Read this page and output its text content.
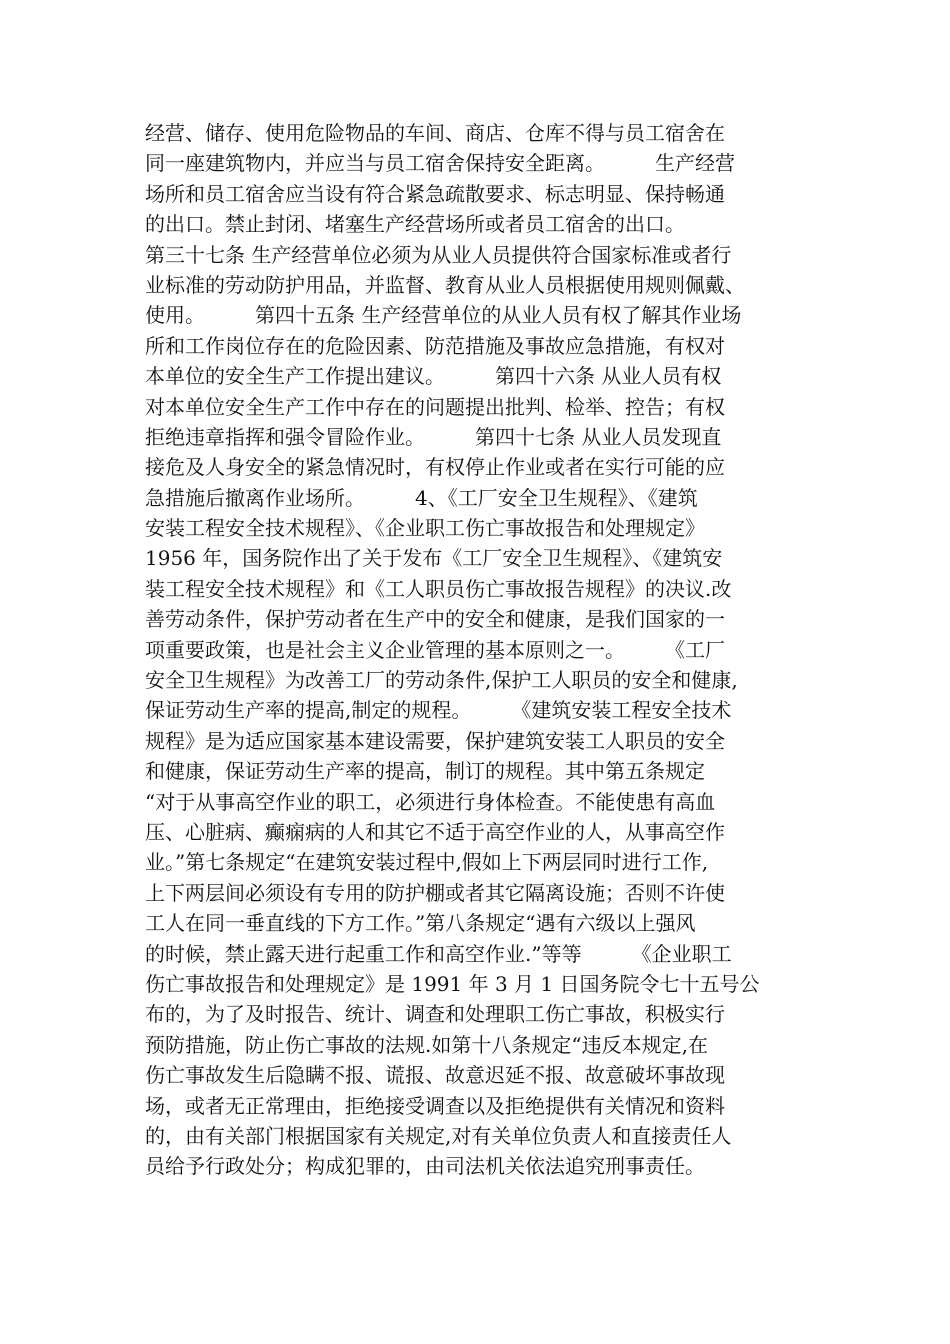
经营、储存、使用危险物品的车间、商店、仓库不得与员工宿舍在
同一座建筑物内，并应当与员工宿舍保持安全距离。　　　生产经营
场所和员工宿舍应当设有符合紧急疏散要求、标志明显、保持畅通
的出口。禁止封闭、堵塞生产经营场所或者员工宿舍的出口。
第三十七条 生产经营单位必须为从业人员提供符合国家标准或者行
业标准的劳动防护用品，并监督、教育从业人员根据使用规则佩戴、
使用。　　　第四十五条 生产经营单位的从业人员有权了解其作业场
所和工作岗位存在的危险因素、防范措施及事故应急措施，有权对
本单位的安全生产工作提出建议。　　　第四十六条 从业人员有权
对本单位安全生产工作中存在的问题提出批判、检举、控告；有权
拒绝违章指挥和强令冒险作业。　　　第四十七条 从业人员发现直
接危及人身安全的紧急情况时，有权停止作业或者在实行可能的应
急措施后撤离作业场所。　　　4、《工厂安全卫生规程》、《建筑
安装工程安全技术规程》、《企业职工伤亡事故报告和处理规定》
1956 年，国务院作出了关于发布《工厂安全卫生规程》、《建筑安
装工程安全技术规程》和《工人职员伤亡事故报告规程》的决议.改
善劳动条件，保护劳动者在生产中的安全和健康，是我们国家的一
项重要政策，也是社会主义企业管理的基本原则之一。　　　《工厂
安全卫生规程》为改善工厂的劳动条件,保护工人职员的安全和健康,
保证劳动生产率的提高,制定的规程。　　　《建筑安装工程安全技术
规程》是为适应国家基本建设需要，保护建筑安装工人职员的安全
和健康，保证劳动生产率的提高，制订的规程。其中第五条规定
“对于从事高空作业的职工，必须进行身体检查。不能使患有高血
压、心脏病、癫痫病的人和其它不适于高空作业的人，从事高空作
业。”第七条规定“在建筑安装过程中,假如上下两层同时进行工作,
上下两层间必须设有专用的防护棚或者其它隔离设施；否则不许使
工人在同一垂直线的下方工作。”第八条规定“遇有六级以上强风
的时候，禁止露天进行起重工作和高空作业.”等等　　　《企业职工
伤亡事故报告和处理规定》是 1991 年 3 月 1 日国务院令七十五号公
布的，为了及时报告、统计、调查和处理职工伤亡事故，积极实行
预防措施，防止伤亡事故的法规.如第十八条规定“违反本规定,在
伤亡事故发生后隐瞒不报、谎报、故意迟延不报、故意破坏事故现
场，或者无正常理由，拒绝接受调查以及拒绝提供有关情况和资料
的，由有关部门根据国家有关规定,对有关单位负责人和直接责任人
员给予行政处分；构成犯罪的，由司法机关依法追究刑事责任。
